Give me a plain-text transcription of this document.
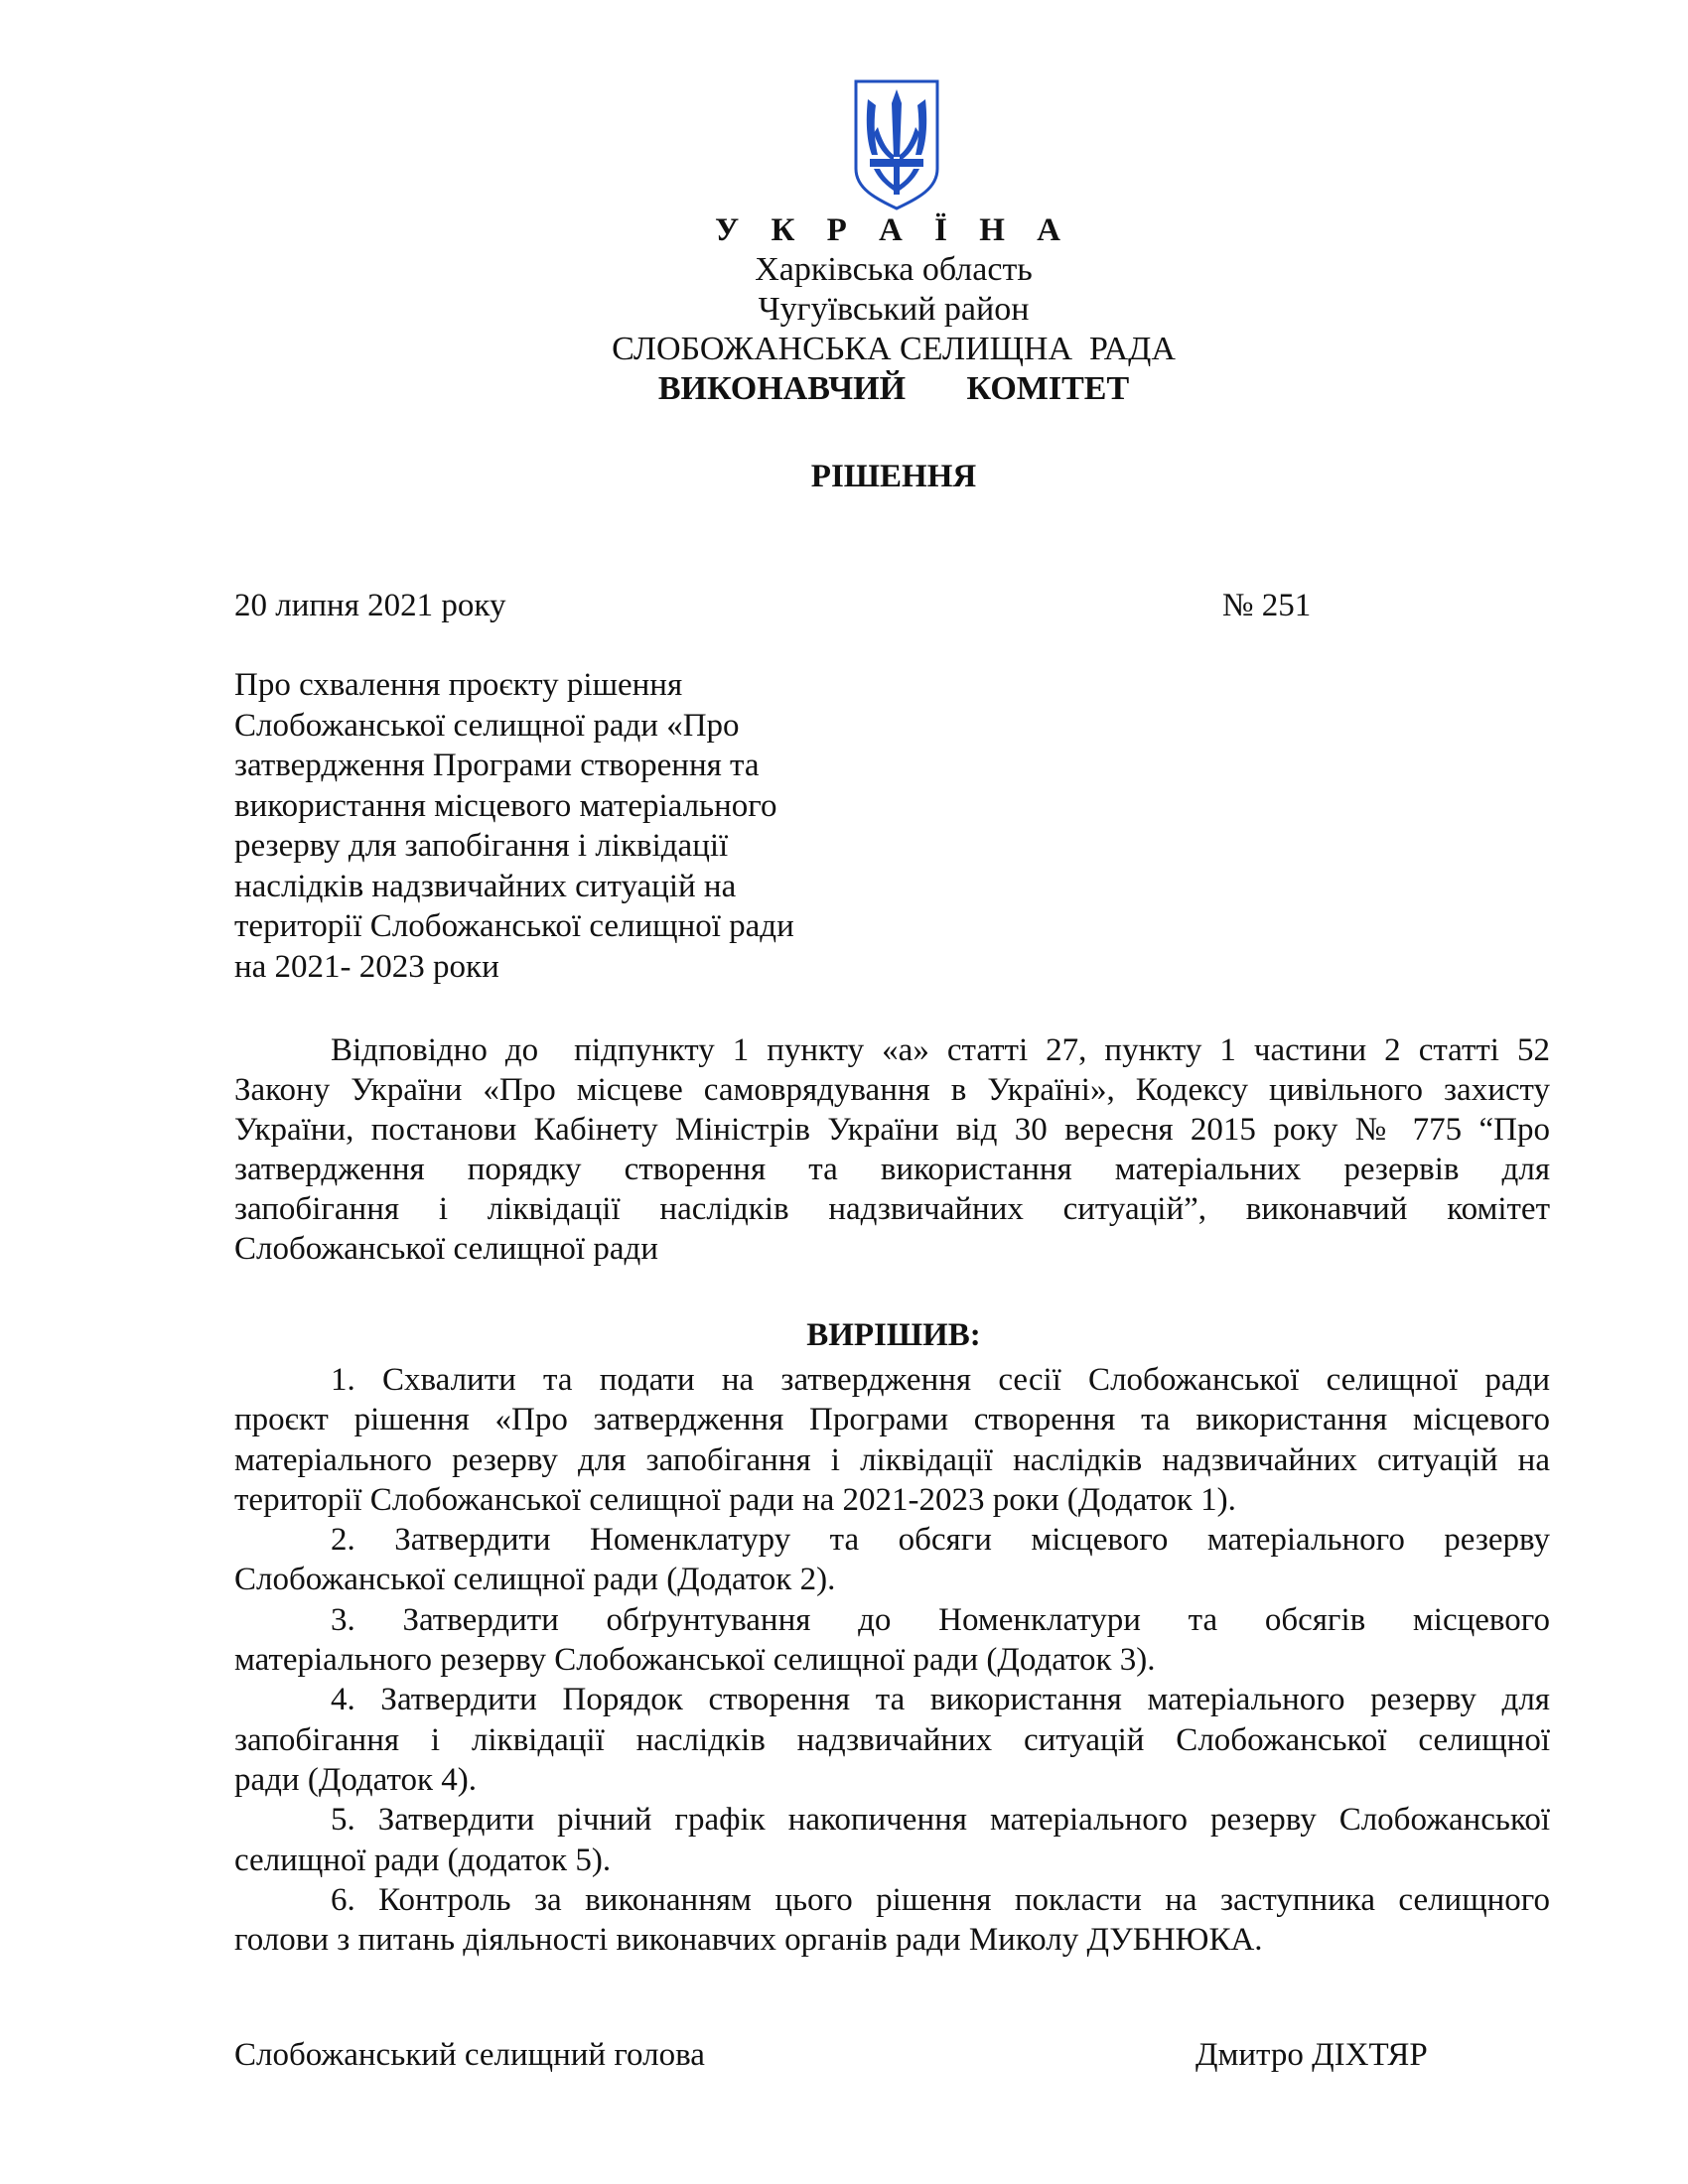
У К Р А Ї Н А
Харківська область
Чугуївський район
СЛОБОЖАНСЬКА СЕЛИЩНА  РАДА
ВИКОНАВЧИЙ   КОМІТЕТ
РІШЕННЯ
20 липня 2021 року	№ 251
Про схвалення проєкту рішення
Слобожанської селищної ради «Про
затвердження Програми створення та
використання місцевого матеріального
резерву для запобігання і ліквідації
наслідків надзвичайних ситуацій на
території Слобожанської селищної ради
на 2021- 2023 роки
Відповідно до  підпункту 1 пункту «а» статті 27, пункту 1 частини 2 статті 52
Закону України «Про місцеве самоврядування в Україні», Кодексу цивільного захисту
України, постанови Кабінету Міністрів України від 30 вересня 2015 року № 775 “Про
затвердження порядку створення та використання матеріальних резервів для
запобігання і ліквідації наслідків надзвичайних ситуацій”, виконавчий комітет
Слобожанської селищної ради
ВИРІШИВ:
1. Схвалити та подати на затвердження сесії Слобожанської селищної ради
проєкт рішення «Про затвердження Програми створення та використання місцевого
матеріального резерву для запобігання і ліквідації наслідків надзвичайних ситуацій на
території Слобожанської селищної ради на 2021-2023 роки (Додаток 1).
2. Затвердити Номенклатуру та обсяги місцевого матеріального резерву
Слобожанської селищної ради (Додаток 2).
3. Затвердити обґрунтування до Номенклатури та обсягів місцевого
матеріального резерву Слобожанської селищної ради (Додаток 3).
4. Затвердити Порядок створення та використання матеріального резерву для
запобігання і ліквідації наслідків надзвичайних ситуацій Слобожанської селищної
ради (Додаток 4).
5. Затвердити річний графік накопичення матеріального резерву Слобожанської
селищної ради (додаток 5).
6. Контроль за виконанням цього рішення покласти на заступника селищного
голови з питань діяльності виконавчих органів ради Миколу ДУБНЮКА.
Слобожанський селищний голова	Дмитро ДІХТЯР
